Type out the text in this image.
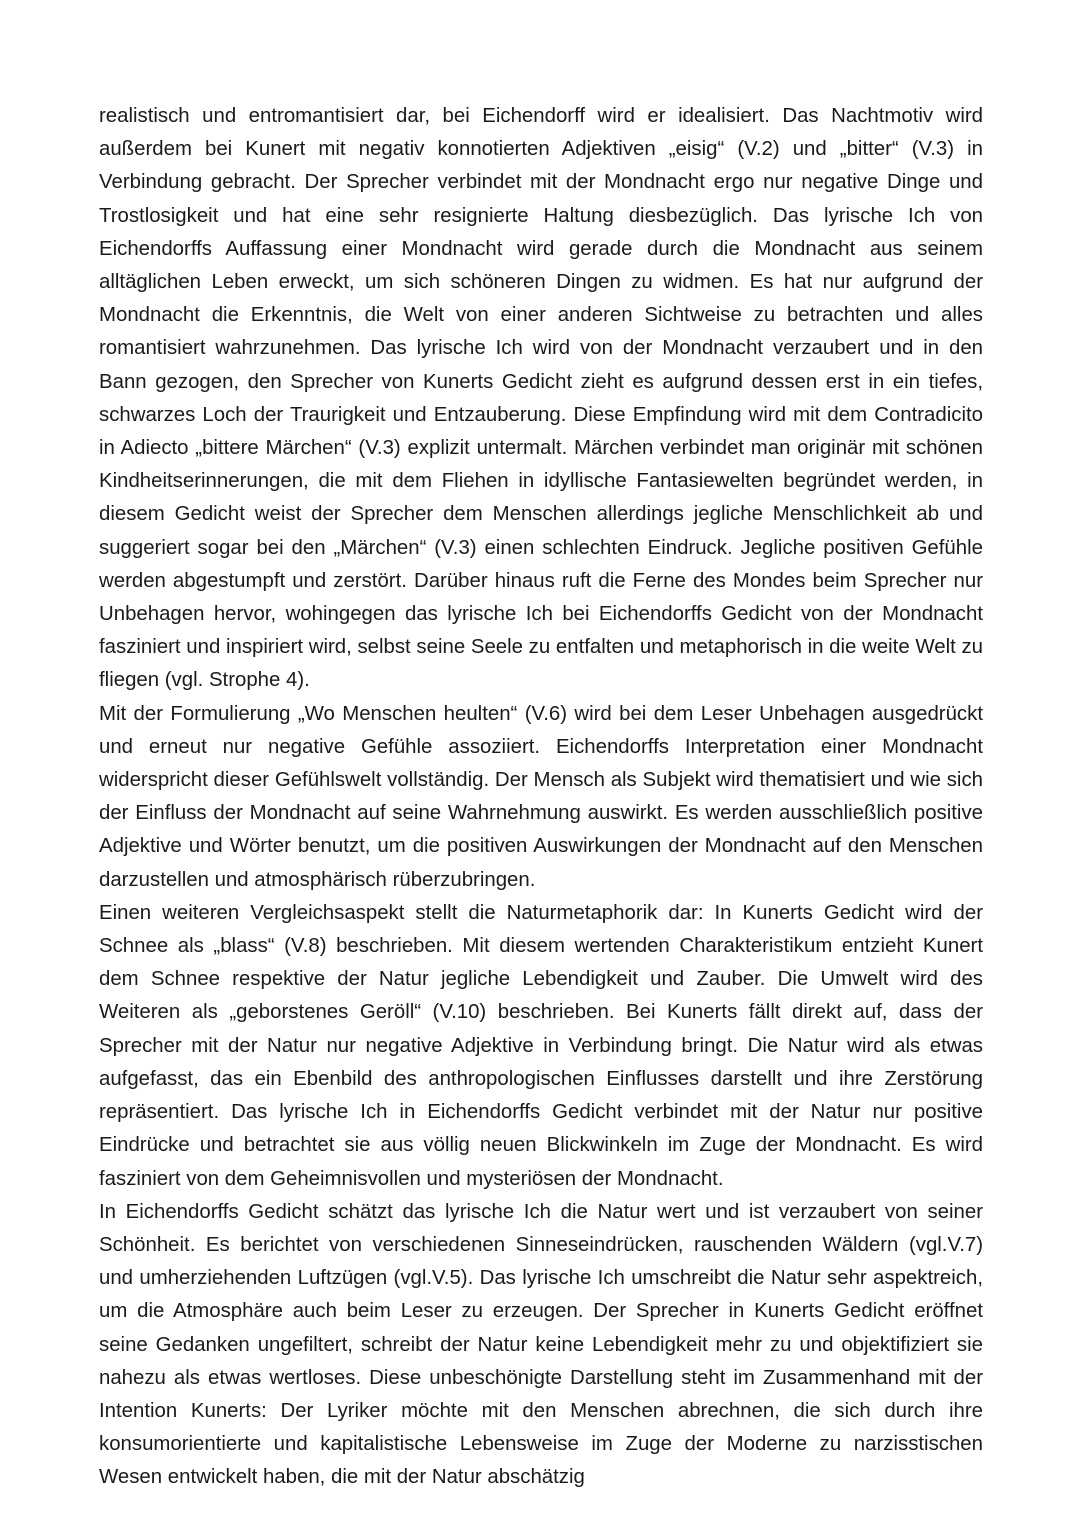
realistisch und entromantisiert dar, bei Eichendorff wird er idealisiert. Das Nachtmotiv wird außerdem bei Kunert mit negativ konnotierten Adjektiven „eisig“ (V.2) und „bitter“ (V.3) in Verbindung gebracht. Der Sprecher verbindet mit der Mondnacht ergo nur negative Dinge und Trostlosigkeit und hat eine sehr resignierte Haltung diesbezüglich. Das lyrische Ich von Eichendorffs Auffassung einer Mondnacht wird gerade durch die Mondnacht aus seinem alltäglichen Leben erweckt, um sich schöneren Dingen zu widmen. Es hat nur aufgrund der Mondnacht die Erkenntnis, die Welt von einer anderen Sichtweise zu betrachten und alles romantisiert wahrzunehmen. Das lyrische Ich wird von der Mondnacht verzaubert und in den Bann gezogen, den Sprecher von Kunerts Gedicht zieht es aufgrund dessen erst in ein tiefes, schwarzes Loch der Traurigkeit und Entzauberung. Diese Empfindung wird mit dem Contradicito in Adiecto „bittere Märchen“ (V.3) explizit untermalt. Märchen verbindet man originär mit schönen Kindheitserinnerungen, die mit dem Fliehen in idyllische Fantasiewelten begründet werden, in diesem Gedicht weist der Sprecher dem Menschen allerdings jegliche Menschlichkeit ab und suggeriert sogar bei den „Märchen“ (V.3) einen schlechten Eindruck. Jegliche positiven Gefühle werden abgestumpft und zerstört. Darüber hinaus ruft die Ferne des Mondes beim Sprecher nur Unbehagen hervor, wohingegen das lyrische Ich bei Eichendorffs Gedicht von der Mondnacht fasziniert und inspiriert wird, selbst seine Seele zu entfalten und metaphorisch in die weite Welt zu fliegen (vgl. Strophe 4).

Mit der Formulierung „Wo Menschen heulten“ (V.6) wird bei dem Leser Unbehagen ausgedrückt und erneut nur negative Gefühle assoziiert. Eichendorffs Interpretation einer Mondnacht widerspricht dieser Gefühlswelt vollständig. Der Mensch als Subjekt wird thematisiert und wie sich der Einfluss der Mondnacht auf seine Wahrnehmung auswirkt. Es werden ausschließlich positive Adjektive und Wörter benutzt, um die positiven Auswirkungen der Mondnacht auf den Menschen darzustellen und atmosphärisch rüberzubringen.

Einen weiteren Vergleichsaspekt stellt die Naturmetaphorik dar: In Kunerts Gedicht wird der Schnee als „blass“ (V.8) beschrieben. Mit diesem wertenden Charakteristikum entzieht Kunert dem Schnee respektive der Natur jegliche Lebendigkeit und Zauber. Die Umwelt wird des Weiteren als „geborstenes Geröll“ (V.10) beschrieben. Bei Kunerts fällt direkt auf, dass der Sprecher mit der Natur nur negative Adjektive in Verbindung bringt. Die Natur wird als etwas aufgefasst, das ein Ebenbild des anthropologischen Einflusses darstellt und ihre Zerstörung repräsentiert. Das lyrische Ich in Eichendorffs Gedicht verbindet mit der Natur nur positive Eindrücke und betrachtet sie aus völlig neuen Blickwinkeln im Zuge der Mondnacht. Es wird fasziniert von dem Geheimnisvollen und mysteriösen der Mondnacht.

In Eichendorffs Gedicht schätzt das lyrische Ich die Natur wert und ist verzaubert von seiner Schönheit. Es berichtet von verschiedenen Sinneseindrücken, rauschenden Wäldern (vgl.V.7) und umherziehenden Luftzügen (vgl.V.5). Das lyrische Ich umschreibt die Natur sehr aspektreich, um die Atmosphäre auch beim Leser zu erzeugen. Der Sprecher in Kunerts Gedicht eröffnet seine Gedanken ungefiltert, schreibt der Natur keine Lebendigkeit mehr zu und objektifiziert sie nahezu als etwas wertloses. Diese unbeschönigte Darstellung steht im Zusammenhand mit der Intention Kunerts: Der Lyriker möchte mit den Menschen abrechnen, die sich durch ihre konsumorientierte und kapitalistische Lebensweise im Zuge der Moderne zu narzisstischen Wesen entwickelt haben, die mit der Natur abschätzig
